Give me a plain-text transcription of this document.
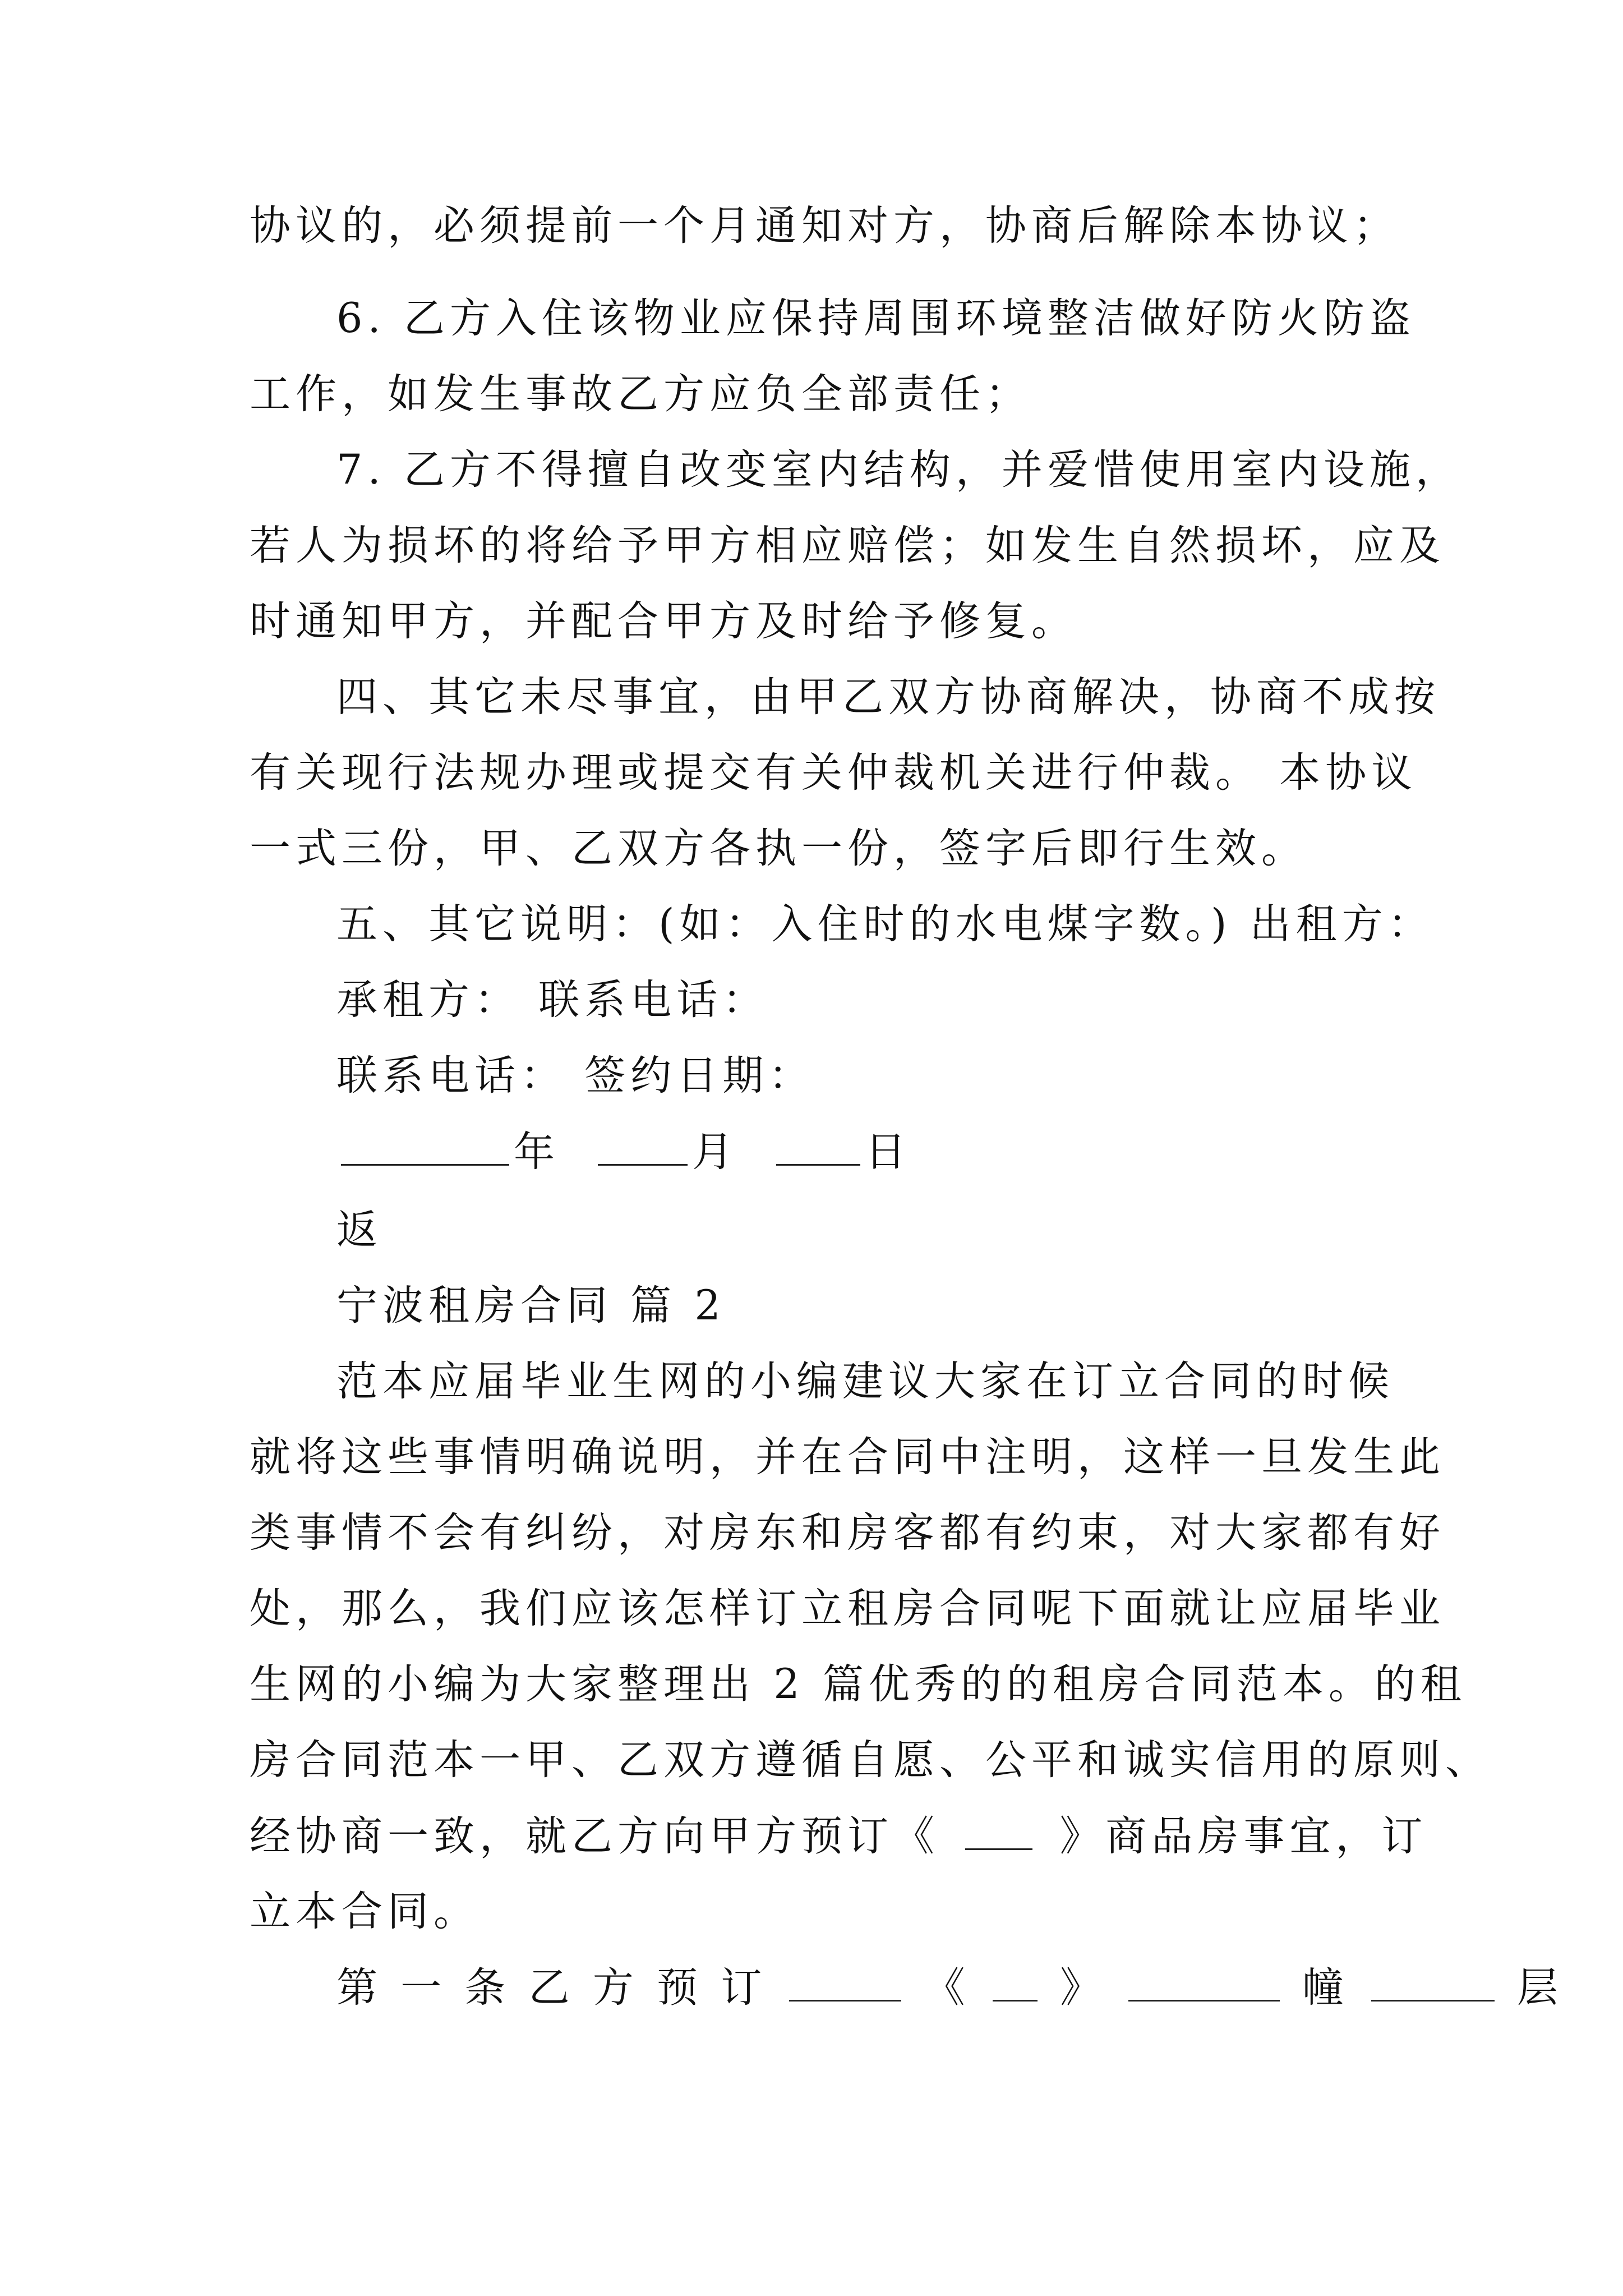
协议的，必须提前一个月通知对方，协商后解除本协议；
6. 乙方入住该物业应保持周围环境整洁做好防火防盗
工作，如发生事故乙方应负全部责任；
7. 乙方不得擅自改变室内结构，并爱惜使用室内设施，
若人为损坏的将给予甲方相应赔偿；如发生自然损坏，应及
时通知甲方，并配合甲方及时给予修复。
四、其它未尽事宜，由甲乙双方协商解决，协商不成按
有关现行法规办理或提交有关仲裁机关进行仲裁。 本协议
一式三份，甲、乙双方各执一份，签字后即行生效。
五、其它说明：(如：入住时的水电煤字数。) 出租方：
承租方： 联系电话：
联系电话： 签约日期：
年	月	日
返
宁波租房合同 篇 2
范本应届毕业生网的小编建议大家在订立合同的时候
就将这些事情明确说明，并在合同中注明，这样一旦发生此
类事情不会有纠纷，对房东和房客都有约束，对大家都有好
处，那么，我们应该怎样订立租房合同呢下面就让应届毕业
生网的小编为大家整理出 2 篇优秀的的租房合同范本。的租
房合同范本一甲、乙双方遵循自愿、公平和诚实信用的原则、
经协商一致，就乙方向甲方预订《	》商品房事宜，订
立本合同。
第 一 条 乙 方 预 订	《 》	幢	层
